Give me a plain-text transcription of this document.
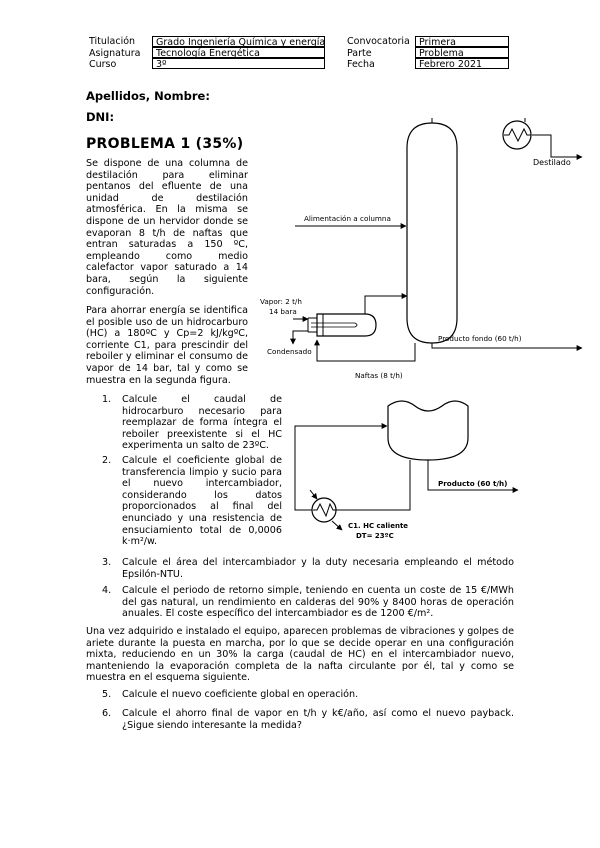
Titulación	Grado Ingeniería Química y energía
Asignatura	Tecnología Energética
Curso	3º
Convocatoria Primera
Parte	Problema
Fecha	Febrero 2021
Apellidos, Nombre:
DNI:
PROBLEMA 1 (35%)
Se dispone de una columna de destilación para eliminar pentanos del efluente de una unidad de destilación atmosférica. En la misma se dispone de un hervidor donde se evaporan 8 t/h de naftas que entran saturadas a 150 ºC, empleando como medio calefactor vapor saturado a 14 bara, según la siguiente configuración.
Para ahorrar energía se identifica el posible uso de un hidrocarburo (HC) a 180ºC y Cp=2 kJ/kgºC, corriente C1, para prescindir del reboiler y eliminar el consumo de vapor de 14 bar, tal y como se muestra en la segunda figura.
1. Calcule el caudal de hidrocarburo necesario para reemplazar de forma íntegra el reboiler preexistente si el HC experimenta un salto de 23ºC.
2. Calcule el coeficiente global de transferencia limpio y sucio para el nuevo intercambiador, considerando los datos proporcionados al final del enunciado y una resistencia de ensuciamiento total de 0,0006 k·m²/w.
3. Calcule el área del intercambiador y la duty necesaria empleando el método Epsilón-NTU.
4. Calcule el periodo de retorno simple, teniendo en cuenta un coste de 15 €/MWh del gas natural, un rendimiento en calderas del 90% y 8400 horas de operación anuales. El coste específico del intercambiador es de 1200 €/m².
Una vez adquirido e instalado el equipo, aparecen problemas de vibraciones y golpes de ariete durante la puesta en marcha, por lo que se decide operar en una configuración mixta, reduciendo en un 30% la carga (caudal de HC) en el intercambiador nuevo, manteniendo la evaporación completa de la nafta circulante por él, tal y como se muestra en el esquema siguiente.
5. Calcule el nuevo coeficiente global en operación.
6. Calcule el ahorro final de vapor en t/h y k€/año, así como el nuevo payback. ¿Sigue siendo interesante la medida?
Destilado
Alimentación a columna
Producto fondo (60 t/h)
Naftas (8 t/h)
Vapor: 2 t/h
14 bara
Condensado
Producto (60 t/h)
C1. HC caliente
DT= 23ºC
